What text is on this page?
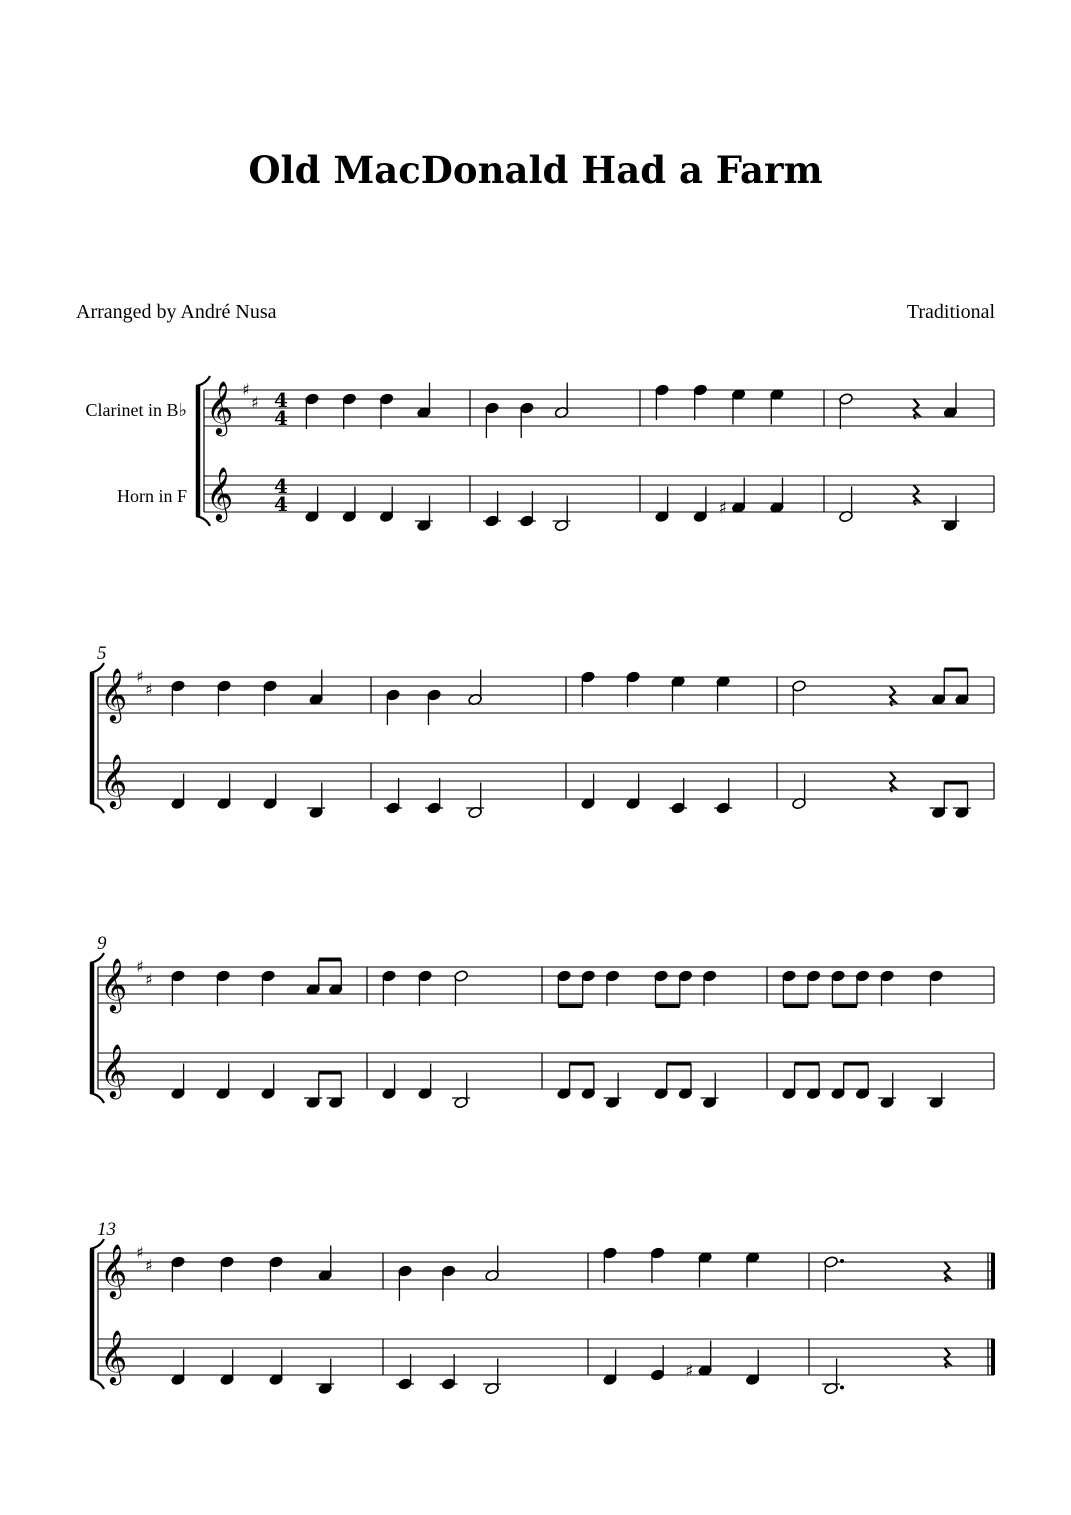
Old MacDonald Had a Farm
Arranged by André Nusa	Traditional
𝄞
𝄞
♯
♯ 4
4
4
4
Clarinet in B♭
Horn in F
♯
𝄞
𝄞
♯
♯
5
𝄞
𝄞
♯
♯
9
𝄞
𝄞
♯
♯
13
♯
